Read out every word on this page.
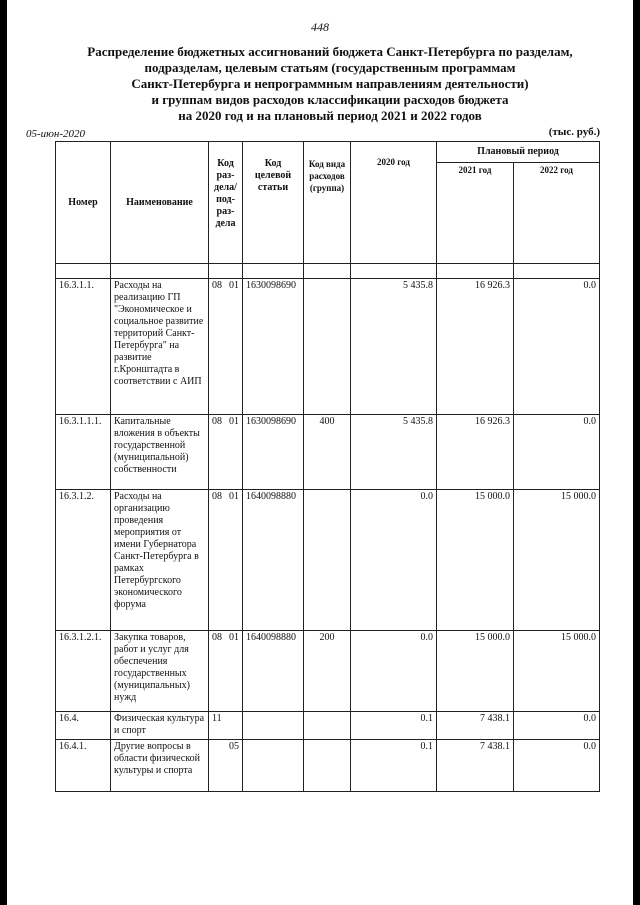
448
Распределение бюджетных ассигнований бюджета Санкт-Петербурга по разделам,
подразделам, целевым статьям (государственным программам
Санкт-Петербурга и непрограммным направлениям деятельности)
и группам видов расходов классификации расходов бюджета
на 2020 год и на плановый период 2021 и 2022 годов
05-июн-2020	(тыс. руб.)
Номер	Наименование	Код раз-дела/ под-раз-дела	Код целевой статьи	Код вида расходов (группа)	2020 год	Плановый период	
						2021 год	2022 год

16.3.1.1.	Расходы на реализацию ГП "Экономическое и социальное развитие территорий Санкт-Петербурга" на развитие г.Кронштадта в соответствии с АИП	08 01	1630098690		5 435.8	16 926.3	0.0
16.3.1.1.1.	Капитальные вложения в объекты государственной (муниципальной) собственности	08 01	1630098690	400	5 435.8	16 926.3	0.0
16.3.1.2.	Расходы на организацию проведения мероприятия от имени Губернатора Санкт-Петербурга в рамках Петербургского экономического форума	08 01	1640098880		0.0	15 000.0	15 000.0
16.3.1.2.1.	Закупка товаров, работ и услуг для обеспечения государственных (муниципальных) нужд	08 01	1640098880	200	0.0	15 000.0	15 000.0
16.4.	Физическая культура и спорт	11			0.1	7 438.1	0.0
16.4.1.	Другие вопросы в области физической культуры и спорта	05			0.1	7 438.1	0.0
